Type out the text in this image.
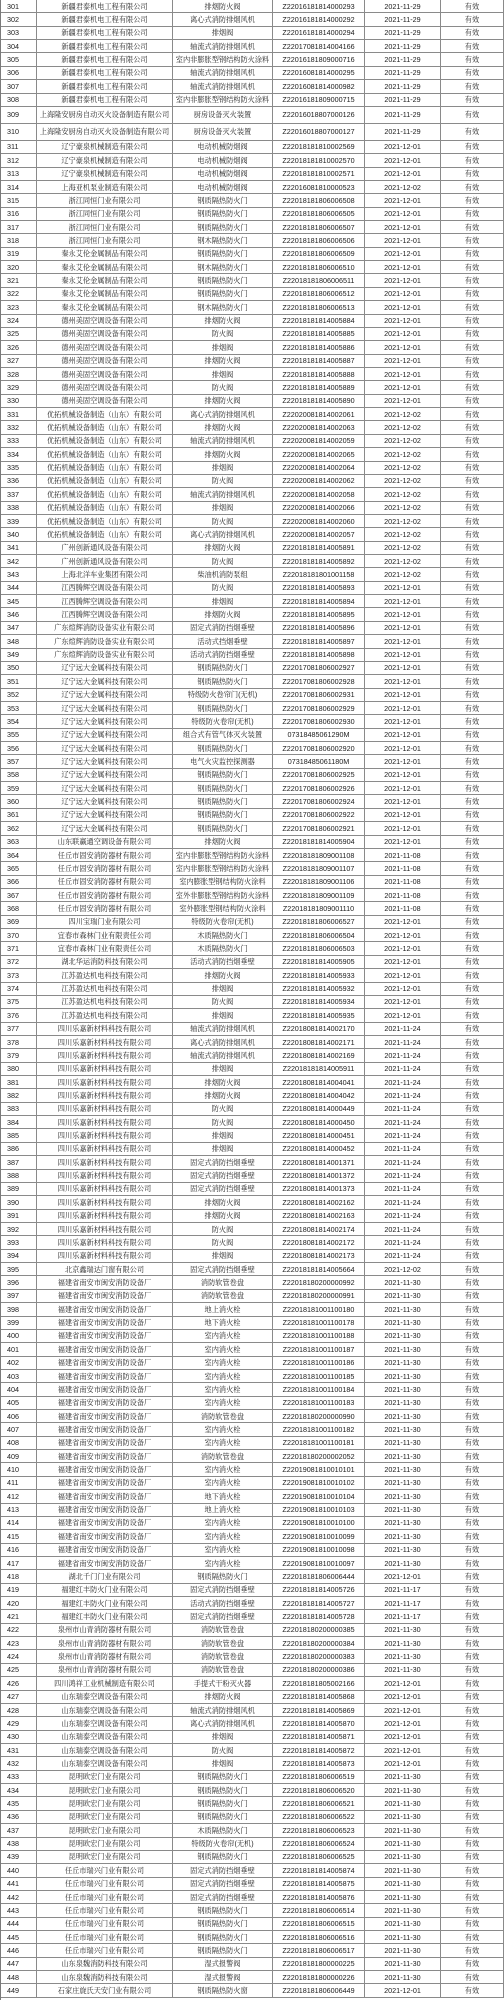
301	新疆君泰机电工程有限公司	排烟防火阀	Z22016181814000293	2021-11-29	有效
302	新疆君泰机电工程有限公司	离心式消防排烟风机	Z22016181814000292	2021-11-29	有效
303	新疆君泰机电工程有限公司	排烟阀	Z22016181814000294	2021-11-29	有效
304	新疆君泰机电工程有限公司	轴流式消防排烟风机	Z22017081814004166	2021-11-29	有效
305	新疆君泰机电工程有限公司	室内非膨胀型钢结构防火涂料	Z22016181809000716	2021-11-29	有效
306	新疆君泰机电工程有限公司	轴流式消防排烟风机	Z22016081814000295	2021-11-29	有效
307	新疆君泰机电工程有限公司	轴流式消防排烟风机	Z22016081814000982	2021-11-29	有效
308	新疆君泰机电工程有限公司	室内非膨胀型钢结构防火涂料	Z22016181809000715	2021-11-29	有效
309	上海隆安厨房自动灭火设备制造有限公司	厨房设备灭火装置	Z22016018807000126	2021-11-29	有效
310	上海隆安厨房自动灭火设备制造有限公司	厨房设备灭火装置	Z22016018807000127	2021-11-29	有效
311	辽宁豪泉机械制造有限公司	电动机械防烟阀	Z22018181810002569	2021-12-01	有效
312	辽宁豪泉机械制造有限公司	电动机械防烟阀	Z22018181810002570	2021-12-01	有效
313	辽宁豪泉机械制造有限公司	电动机械防烟阀	Z22018181810002571	2021-12-01	有效
314	上海亚机泵业制造有限公司	电动机械防烟阀	Z22016081810000523	2021-12-02	有效
315	浙江同恒门业有限公司	钢质隔热防火门	Z22018181806006508	2021-12-01	有效
316	浙江同恒门业有限公司	钢质隔热防火门	Z22018181806006505	2021-12-01	有效
317	浙江同恒门业有限公司	钢质隔热防火门	Z22018181806006507	2021-12-01	有效
318	浙江同恒门业有限公司	钢木隔热防火门	Z22018181806006506	2021-12-01	有效
319	秦永艾伦金属制品有限公司	钢质隔热防火门	Z22018181806006509	2021-12-01	有效
320	秦永艾伦金属制品有限公司	钢木隔热防火门	Z22018181806006510	2021-12-01	有效
321	秦永艾伦金属制品有限公司	钢质隔热防火门	Z22018181806006511	2021-12-01	有效
322	秦永艾伦金属制品有限公司	钢质隔热防火门	Z22018181806006512	2021-12-01	有效
323	秦永艾伦金属制品有限公司	钢木隔热防火门	Z22018181806006513	2021-12-01	有效
324	德州美固空调设备有限公司	排烟防火阀	Z22018181814005884	2021-12-01	有效
325	德州美固空调设备有限公司	防火阀	Z22018181814005885	2021-12-01	有效
326	德州美固空调设备有限公司	排烟阀	Z22018181814005886	2021-12-01	有效
327	德州美固空调设备有限公司	排烟防火阀	Z22018181814005887	2021-12-01	有效
328	德州美固空调设备有限公司	排烟阀	Z22018181814005888	2021-12-01	有效
329	德州美固空调设备有限公司	防火阀	Z22018181814005889	2021-12-01	有效
330	德州美固空调设备有限公司	排烟防火阀	Z22018181814005890	2021-12-01	有效
331	优拓机械设备制造（山东）有限公司	离心式消防排烟风机	Z22020081814002061	2021-12-02	有效
332	优拓机械设备制造（山东）有限公司	排烟防火阀	Z22020081814002063	2021-12-02	有效
333	优拓机械设备制造（山东）有限公司	轴流式消防排烟风机	Z22020081814002059	2021-12-02	有效
334	优拓机械设备制造（山东）有限公司	排烟防火阀	Z22020081814002065	2021-12-02	有效
335	优拓机械设备制造（山东）有限公司	排烟阀	Z22020081814002064	2021-12-02	有效
336	优拓机械设备制造（山东）有限公司	防火阀	Z22020081814002062	2021-12-02	有效
337	优拓机械设备制造（山东）有限公司	轴流式消防排烟风机	Z22020081814002058	2021-12-02	有效
338	优拓机械设备制造（山东）有限公司	排烟阀	Z22020081814002066	2021-12-02	有效
339	优拓机械设备制造（山东）有限公司	防火阀	Z22020081814002060	2021-12-02	有效
340	优拓机械设备制造（山东）有限公司	离心式消防排烟风机	Z22020081814002057	2021-12-02	有效
341	广州创新通风设备有限公司	排烟防火阀	Z22018181814005891	2021-12-02	有效
342	广州创新通风设备有限公司	防火阀	Z22018181814005892	2021-12-02	有效
343	上海北洋车业集团有限公司	柴油机消防泵组	Z22018181801001158	2021-12-02	有效
344	江西腾辉空调设备有限公司	防火阀	Z22018181814005893	2021-12-01	有效
345	江西腾辉空调设备有限公司	排烟阀	Z22018181814005894	2021-12-01	有效
346	江西腾辉空调设备有限公司	排烟防火阀	Z22018181814005895	2021-12-01	有效
347	广东煊辉消防设备实业有限公司	固定式消防挡烟垂壁	Z22018181814005896	2021-12-01	有效
348	广东煊辉消防设备实业有限公司	活动式挡烟垂壁	Z22018181814005897	2021-12-01	有效
349	广东煊辉消防设备实业有限公司	活动式消防挡烟垂壁	Z22018181814005898	2021-12-01	有效
350	辽宁远大金属科技有限公司	钢质隔热防火门	Z22017081806002927	2021-12-01	有效
351	辽宁远大金属科技有限公司	钢质隔热防火门	Z22017081806002928	2021-12-01	有效
352	辽宁远大金属科技有限公司	特级防火卷帘门(无机)	Z22017081806002931	2021-12-01	有效
353	辽宁远大金属科技有限公司	钢质隔热防火门	Z22017081806002929	2021-12-01	有效
354	辽宁远大金属科技有限公司	特级防火卷帘(无机)	Z22017081806002930	2021-12-01	有效
355	辽宁远大金属科技有限公司	组合式有管气体灭火装置	07318485061290M	2021-12-01	有效
356	辽宁远大金属科技有限公司	钢质隔热防火门	Z22017081806002920	2021-12-01	有效
357	辽宁远大金属科技有限公司	电气火灾监控探测器	07318485061180M	2021-12-01	有效
358	辽宁远大金属科技有限公司	钢质隔热防火门	Z22017081806002925	2021-12-01	有效
359	辽宁远大金属科技有限公司	钢质隔热防火门	Z22017081806002926	2021-12-01	有效
360	辽宁远大金属科技有限公司	钢质隔热防火门	Z22017081806002924	2021-12-01	有效
361	辽宁远大金属科技有限公司	钢质隔热防火门	Z22017081806002922	2021-12-01	有效
362	辽宁远大金属科技有限公司	钢质隔热防火门	Z22017081806002921	2021-12-01	有效
363	山东联赢通空调设备有限公司	排烟防火阀	Z22018181814005904	2021-12-01	有效
364	任丘市固安消防器材有限公司	室内非膨胀型钢结构防火涂料	Z22018181809001108	2021-11-08	有效
365	任丘市固安消防器材有限公司	室内非膨胀型钢结构防火涂料	Z22018181809001107	2021-11-08	有效
366	任丘市固安消防器材有限公司	室内膨胀型钢结构防火涂料	Z22018181809001106	2021-11-08	有效
367	任丘市固安消防器材有限公司	室外非膨胀型钢结构防火涂料	Z22018181809001109	2021-11-08	有效
368	任丘市固安消防器材有限公司	室外膨胀型钢结构防火涂料	Z22018181809001110	2021-11-08	有效
369	四川宝瑞门业有限公司	特级防火卷帘(无机)	Z22018181806006527	2021-12-01	有效
370	宜春市森林门业有限责任公司	木质隔热防火门	Z22018181806006504	2021-12-01	有效
371	宜春市森林门业有限责任公司	木质隔热防火门	Z22018181806006503	2021-12-01	有效
372	湖北华运消防科技有限公司	活动式消防挡烟垂壁	Z22018181814005905	2021-12-01	有效
373	江苏盈达机电科技有限公司	排烟防火阀	Z22018181814005933	2021-12-01	有效
374	江苏盈达机电科技有限公司	排烟阀	Z22018181814005932	2021-12-01	有效
375	江苏盈达机电科技有限公司	防火阀	Z22018181814005934	2021-12-01	有效
376	江苏盈达机电科技有限公司	排烟阀	Z22018181814005935	2021-12-01	有效
377	四川乐嘉新材料科技有限公司	轴流式消防排烟风机	Z22018081814002170	2021-11-24	有效
378	四川乐嘉新材料科技有限公司	离心式消防排烟风机	Z22018081814002171	2021-11-24	有效
379	四川乐嘉新材料科技有限公司	轴流式消防排烟风机	Z22018081814002169	2021-11-24	有效
380	四川乐嘉新材料科技有限公司	排烟阀	Z22018181814005911	2021-11-24	有效
381	四川乐嘉新材料科技有限公司	排烟防火阀	Z22018081814004041	2021-11-24	有效
382	四川乐嘉新材料科技有限公司	排烟防火阀	Z22018081814004042	2021-11-24	有效
383	四川乐嘉新材料科技有限公司	防火阀	Z22018081814000449	2021-11-24	有效
384	四川乐嘉新材料科技有限公司	防火阀	Z22018081814000450	2021-11-24	有效
385	四川乐嘉新材料科技有限公司	排烟阀	Z22018081814000451	2021-11-24	有效
386	四川乐嘉新材料科技有限公司	排烟阀	Z22018081814000452	2021-11-24	有效
387	四川乐嘉新材料科技有限公司	固定式消防挡烟垂壁	Z22018081814001371	2021-11-24	有效
388	四川乐嘉新材料科技有限公司	固定式消防挡烟垂壁	Z22018081814001372	2021-11-24	有效
389	四川乐嘉新材料科技有限公司	固定式消防挡烟垂壁	Z22018081814001373	2021-11-24	有效
390	四川乐嘉新材料科技有限公司	排烟防火阀	Z22018081814002162	2021-11-24	有效
391	四川乐嘉新材料科技有限公司	排烟防火阀	Z22018081814002163	2021-11-24	有效
392	四川乐嘉新材料科技有限公司	防火阀	Z22018081814002174	2021-11-24	有效
393	四川乐嘉新材料科技有限公司	防火阀	Z22018081814002172	2021-11-24	有效
394	四川乐嘉新材料科技有限公司	排烟阀	Z22018081814002173	2021-11-24	有效
395	北京鑫瑞达门窗有限公司	固定式消防挡烟垂壁	Z22018181814005664	2021-12-02	有效
396	福建省南安市闽安消防设备厂	消防软管卷盘	Z22018180200000992	2021-11-30	有效
397	福建省南安市闽安消防设备厂	消防软管卷盘	Z22018180200000991	2021-11-30	有效
398	福建省南安市闽安消防设备厂	地上消火栓	Z22018181001100180	2021-11-30	有效
399	福建省南安市闽安消防设备厂	地下消火栓	Z22018181001100178	2021-11-30	有效
400	福建省南安市闽安消防设备厂	室内消火栓	Z22018181001100188	2021-11-30	有效
401	福建省南安市闽安消防设备厂	室内消火栓	Z22018181001100187	2021-11-30	有效
402	福建省南安市闽安消防设备厂	室内消火栓	Z22018181001100186	2021-11-30	有效
403	福建省南安市闽安消防设备厂	室内消火栓	Z22018181001100185	2021-11-30	有效
404	福建省南安市闽安消防设备厂	室内消火栓	Z22018181001100184	2021-11-30	有效
405	福建省南安市闽安消防设备厂	室内消火栓	Z22018181001100183	2021-11-30	有效
406	福建省南安市闽安消防设备厂	消防软管卷盘	Z22018180200000990	2021-11-30	有效
407	福建省南安市闽安消防设备厂	室内消火栓	Z22018181001100182	2021-11-30	有效
408	福建省南安市闽安消防设备厂	室内消火栓	Z22018181001100181	2021-11-30	有效
409	福建省南安市闽安消防设备厂	消防软管卷盘	Z22018180200002052	2021-11-30	有效
410	福建省南安市闽安消防设备厂	室内消火栓	Z22019081810010101	2021-11-30	有效
411	福建省南安市闽安消防设备厂	室内消火栓	Z22019081810010102	2021-11-30	有效
412	福建省南安市闽安消防设备厂	地下消火栓	Z22019081810010104	2021-11-30	有效
413	福建省南安市闽安消防设备厂	地上消火栓	Z22019081810010103	2021-11-30	有效
414	福建省南安市闽安消防设备厂	室内消火栓	Z22019081810010100	2021-11-30	有效
415	福建省南安市闽安消防设备厂	室内消火栓	Z22019081810010099	2021-11-30	有效
416	福建省南安市闽安消防设备厂	室内消火栓	Z22019081810010098	2021-11-30	有效
417	福建省南安市闽安消防设备厂	室内消火栓	Z22019081810010097	2021-11-30	有效
418	湖北千门门业有限公司	钢质隔热防火门	Z22018181806006444	2021-12-01	有效
419	福建红丰防火门业有限公司	固定式消防挡烟垂壁	Z22018181814005726	2021-11-17	有效
420	福建红丰防火门业有限公司	活动式消防挡烟垂壁	Z22018181814005727	2021-11-17	有效
421	福建红丰防火门业有限公司	固定式消防挡烟垂壁	Z22018181814005728	2021-11-17	有效
422	泉州市山青消防器材有限公司	消防软管卷盘	Z22018180200000385	2021-11-30	有效
423	泉州市山青消防器材有限公司	消防软管卷盘	Z22018180200000384	2021-11-30	有效
424	泉州市山青消防器材有限公司	消防软管卷盘	Z22018180200000383	2021-11-30	有效
425	泉州市山青消防器材有限公司	消防软管卷盘	Z22018180200000386	2021-11-30	有效
426	四川鸿祥工业机械制造有限公司	手提式干粉灭火器	Z22018181805002166	2021-12-01	有效
427	山东瑞泰空调设备有限公司	排烟防火阀	Z22018181814005868	2021-12-01	有效
428	山东瑞泰空调设备有限公司	轴流式消防排烟风机	Z22018181814005869	2021-12-01	有效
429	山东瑞泰空调设备有限公司	离心式消防排烟风机	Z22018181814005870	2021-12-01	有效
430	山东瑞泰空调设备有限公司	排烟阀	Z22018181814005871	2021-12-01	有效
431	山东瑞泰空调设备有限公司	防火阀	Z22018181814005872	2021-12-01	有效
432	山东瑞泰空调设备有限公司	排烟阀	Z22018181814005873	2021-12-01	有效
433	昆明欧宏门业有限公司	钢质隔热防火门	Z22018181806006519	2021-11-30	有效
434	昆明欧宏门业有限公司	钢质隔热防火门	Z22018181806006520	2021-11-30	有效
435	昆明欧宏门业有限公司	钢质隔热防火门	Z22018181806006521	2021-11-30	有效
436	昆明欧宏门业有限公司	钢质隔热防火门	Z22018181806006522	2021-11-30	有效
437	昆明欧宏门业有限公司	木质隔热防火门	Z22018181806006523	2021-11-30	有效
438	昆明欧宏门业有限公司	特级防火卷帘(无机)	Z22018181806006524	2021-11-30	有效
439	昆明欧宏门业有限公司	钢质隔热防火门	Z22018181806006525	2021-11-30	有效
440	任丘市瑞兴门业有限公司	固定式消防挡烟垂壁	Z22018181814005874	2021-11-30	有效
441	任丘市瑞兴门业有限公司	固定式消防挡烟垂壁	Z22018181814005875	2021-11-30	有效
442	任丘市瑞兴门业有限公司	固定式消防挡烟垂壁	Z22018181814005876	2021-11-30	有效
443	任丘市瑞兴门业有限公司	钢质隔热防火门	Z22018181806006514	2021-11-30	有效
444	任丘市瑞兴门业有限公司	钢质隔热防火门	Z22018181806006515	2021-11-30	有效
445	任丘市瑞兴门业有限公司	钢质隔热防火门	Z22018181806006516	2021-11-30	有效
446	任丘市瑞兴门业有限公司	钢质隔热防火门	Z22018181806006517	2021-11-30	有效
447	山东泉魏消防科技有限公司	湿式报警阀	Z22018181800000225	2021-11-30	有效
448	山东泉魏消防科技有限公司	湿式报警阀	Z22018181800000226	2021-11-30	有效
449	石家庄旋氏天安门业有限公司	钢质隔热防火窗	Z22018181806006449	2021-12-01	有效
